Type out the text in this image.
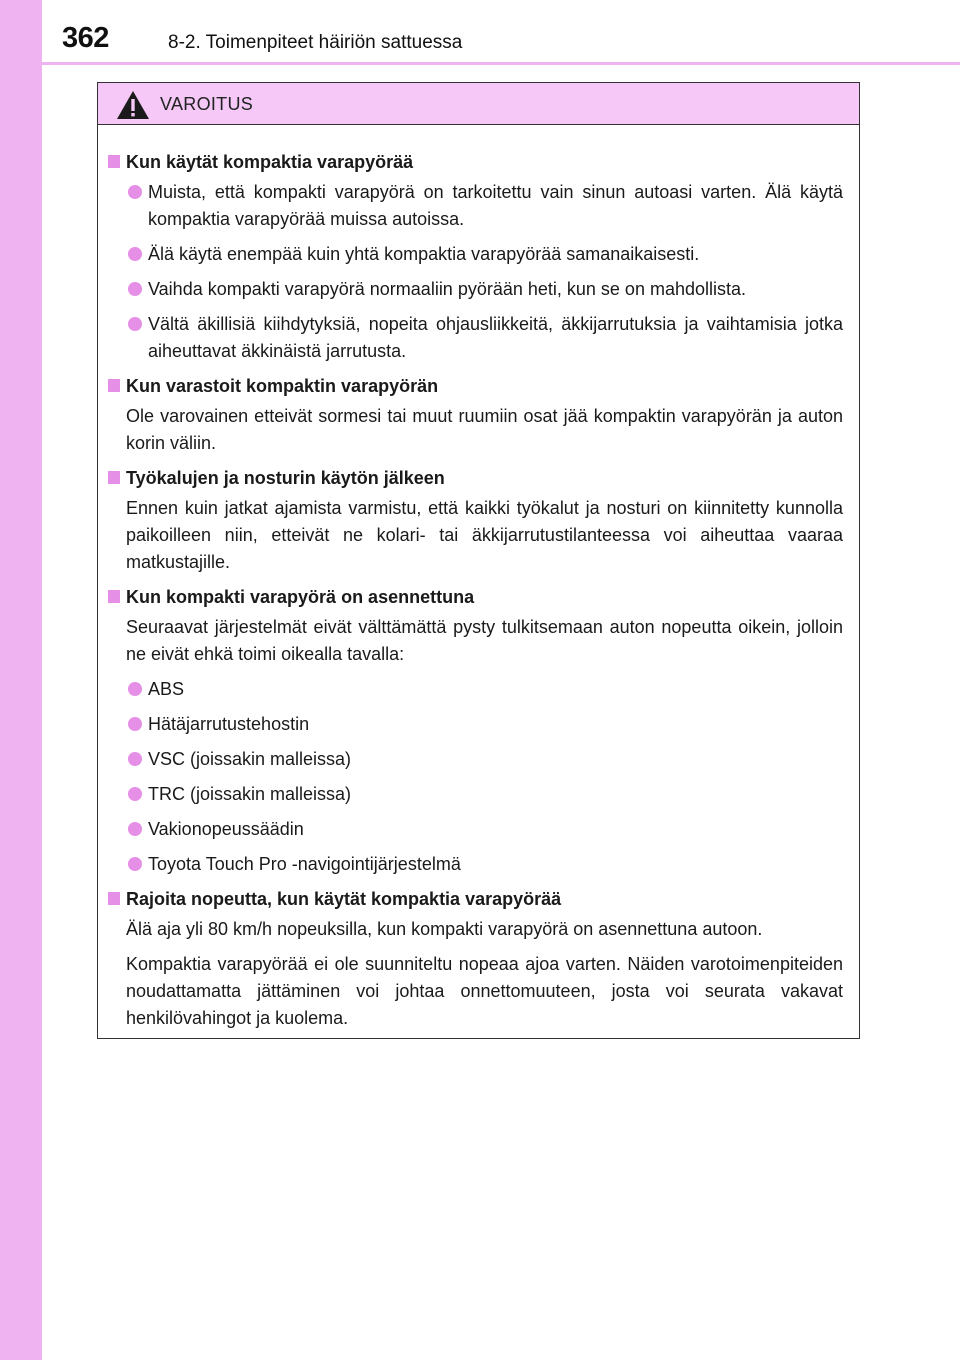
362	8-2. Toimenpiteet häiriön sattuessa
VAROITUS
Kun käytät kompaktia varapyörää
Muista, että kompakti varapyörä on tarkoitettu vain sinun autoasi varten. Älä käytä kompaktia varapyörää muissa autoissa.
Älä käytä enempää kuin yhtä kompaktia varapyörää samanaikaisesti.
Vaihda kompakti varapyörä normaaliin pyörään heti, kun se on mahdollista.
Vältä äkillisiä kiihdytyksiä, nopeita ohjausliikkeitä, äkkijarrutuksia ja vaihtamisia jotka aiheuttavat äkkinäistä jarrutusta.
Kun varastoit kompaktin varapyörän

Ole varovainen etteivät sormesi tai muut ruumiin osat jää kompaktin varapyörän ja auton korin väliin.

Työkalujen ja nosturin käytön jälkeen

Ennen kuin jatkat ajamista varmistu, että kaikki työkalut ja nosturi on kiinnitetty kunnolla paikoilleen niin, etteivät ne kolari- tai äkkijarrutustilanteessa voi aiheuttaa vaaraa matkustajille.

Kun kompakti varapyörä on asennettuna

Seuraavat järjestelmät eivät välttämättä pysty tulkitsemaan auton nopeutta oikein, jolloin ne eivät ehkä toimi oikealla tavalla:

ABS
Hätäjarrutustehostin
VSC (joissakin malleissa)
TRC (joissakin malleissa)
Vakionopeussäädin
Toyota Touch Pro -navigointijärjestelmä
Rajoita nopeutta, kun käytät kompaktia varapyörää

Älä aja yli 80 km/h nopeuksilla, kun kompakti varapyörä on asennettuna autoon.

Kompaktia varapyörää ei ole suunniteltu nopeaa ajoa varten. Näiden varotoimenpiteiden noudattamatta jättäminen voi johtaa onnettomuuteen, josta voi seurata vakavat henkilövahingot ja kuolema.
